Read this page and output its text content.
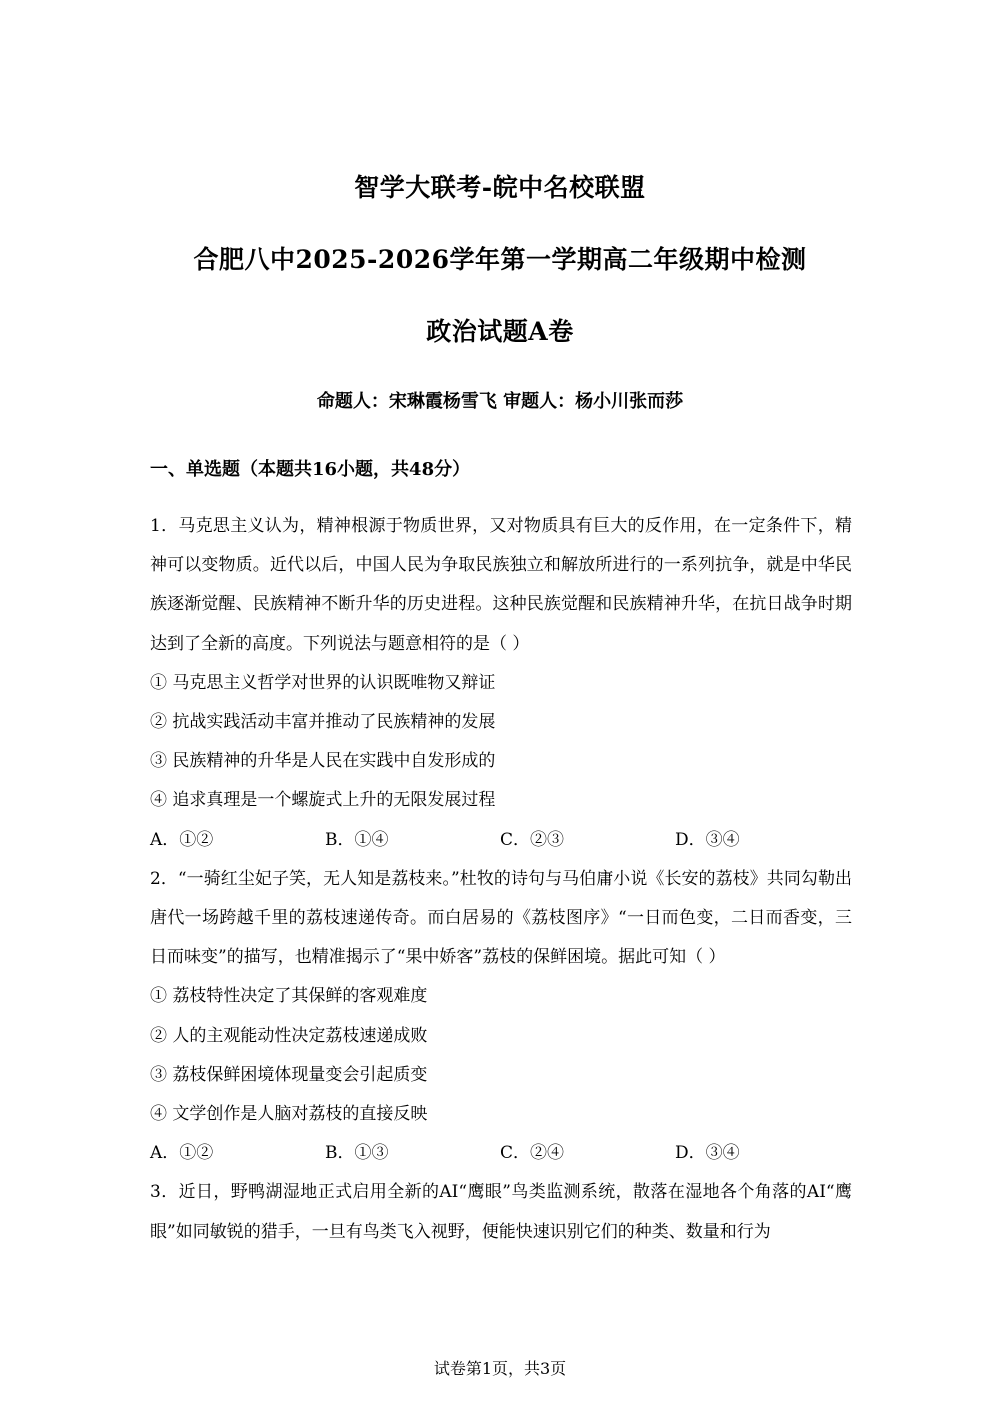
智学大联考-皖中名校联盟
合肥八中2025-2026学年第一学期高二年级期中检测
政治试题A卷
命题人：宋琳霞杨雪飞 审题人：杨小川张而莎
一、单选题（本题共16小题，共48分）

1．马克思主义认为，精神根源于物质世界，又对物质具有巨大的反作用，在一定条件下，精神可以变物质。近代以后，中国人民为争取民族独立和解放所进行的一系列抗争，就是中华民族逐渐觉醒、民族精神不断升华的历史进程。这种民族觉醒和民族精神升华，在抗日战争时期达到了全新的高度。下列说法与题意相符的是（ ）

① 马克思主义哲学对世界的认识既唯物又辩证

② 抗战实践活动丰富并推动了民族精神的发展

③ 民族精神的升华是人民在实践中自发形成的

④ 追求真理是一个螺旋式上升的无限发展过程

A．①②	B．①④	C．②③	D．③④

2．“一骑红尘妃子笑，无人知是荔枝来。”杜牧的诗句与马伯庸小说《长安的荔枝》共同勾勒出唐代一场跨越千里的荔枝速递传奇。而白居易的《荔枝图序》“一日而色变，二日而香变，三日而味变”的描写，也精准揭示了“果中娇客”荔枝的保鲜困境。据此可知（ ）

① 荔枝特性决定了其保鲜的客观难度

② 人的主观能动性决定荔枝速递成败

③ 荔枝保鲜困境体现量变会引起质变

④ 文学创作是人脑对荔枝的直接反映

A．①②	B．①③	C．②④	D．③④

3．近日，野鸭湖湿地正式启用全新的AI“鹰眼”鸟类监测系统，散落在湿地各个角落的AI“鹰眼”如同敏锐的猎手，一旦有鸟类飞入视野，便能快速识别它们的种类、数量和行为

试卷第1页，共3页
